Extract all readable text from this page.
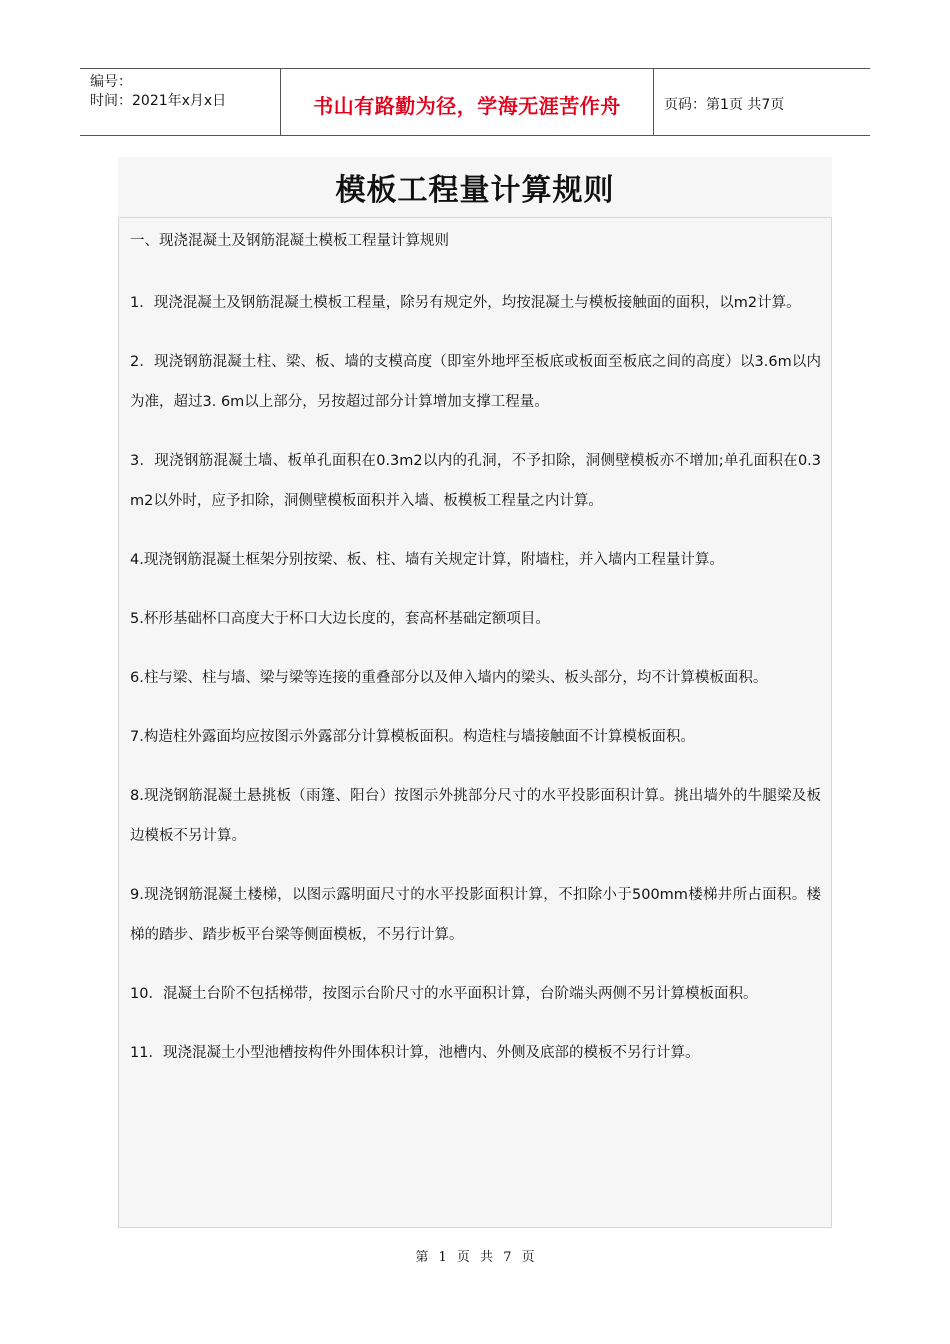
编号：
时间：2021年x月x日	书山有路勤为径，学海无涯苦作舟	页码：第1页 共7页
模板工程量计算规则

一、现浇混凝土及钢筋混凝土模板工程量计算规则

1．现浇混凝土及钢筋混凝土模板工程量，除另有规定外，均按混凝土与模板接触面的面积，以m2计算。

2．现浇钢筋混凝土柱、梁、板、墙的支模高度（即室外地坪至板底或板面至板底之间的高度）以3.6m以内为准，超过3. 6m以上部分，另按超过部分计算增加支撑工程量。

3．现浇钢筋混凝土墙、板单孔面积在0.3m2以内的孔洞，不予扣除，洞侧壁模板亦不增加;单孔面积在0.3 m2以外时，应予扣除，洞侧壁模板面积并入墙、板模板工程量之内计算。

4.现浇钢筋混凝土框架分别按梁、板、柱、墙有关规定计算，附墙柱，并入墙内工程量计算。

5.杯形基础杯口高度大于杯口大边长度的，套高杯基础定额项目。

6.柱与梁、柱与墙、梁与梁等连接的重叠部分以及伸入墙内的梁头、板头部分，均不计算模板面积。

7.构造柱外露面均应按图示外露部分计算模板面积。构造柱与墙接触面不计算模板面积。

8.现浇钢筋混凝土悬挑板（雨篷、阳台）按图示外挑部分尺寸的水平投影面积计算。挑出墙外的牛腿梁及板边模板不另计算。

9.现浇钢筋混凝土楼梯，以图示露明面尺寸的水平投影面积计算，不扣除小于500mm楼梯井所占面积。楼梯的踏步、踏步板平台梁等侧面模板，不另行计算。

10．混凝土台阶不包括梯带，按图示台阶尺寸的水平面积计算，台阶端头两侧不另计算模板面积。

11．现浇混凝土小型池槽按构件外围体积计算，池槽内、外侧及底部的模板不另行计算。

第 1 页 共 7 页
